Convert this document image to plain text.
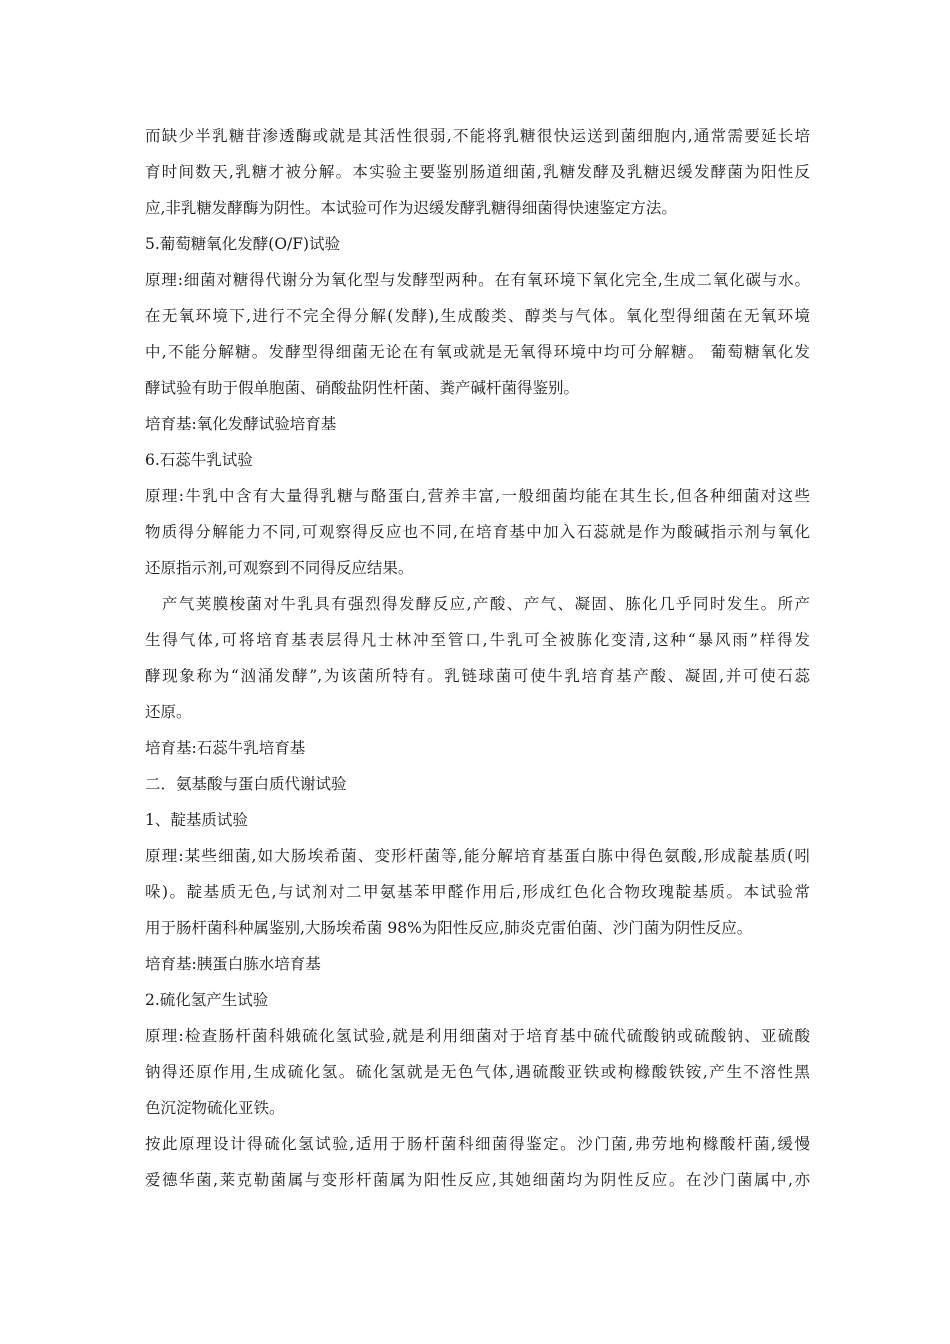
而缺少半乳糖苷渗透酶或就是其活性很弱,不能将乳糖很快运送到菌细胞内,通常需要延长培
育时间数天,乳糖才被分解。本实验主要鉴别肠道细菌,乳糖发酵及乳糖迟缓发酵菌为阳性反
应,非乳糖发酵酶为阴性。本试验可作为迟缓发酵乳糖得细菌得快速鉴定方法。
5.葡萄糖氧化发酵(O/F)试验
原理:细菌对糖得代谢分为氧化型与发酵型两种。在有氧环境下氧化完全,生成二氧化碳与水。
在无氧环境下,进行不完全得分解(发酵),生成酸类、醇类与气体。氧化型得细菌在无氧环境
中,不能分解糖。发酵型得细菌无论在有氧或就是无氧得环境中均可分解糖。 葡萄糖氧化发
酵试验有助于假单胞菌、硝酸盐阴性杆菌、粪产碱杆菌得鉴别。
培育基:氧化发酵试验培育基
6.石蕊牛乳试验
原理:牛乳中含有大量得乳糖与酪蛋白,营养丰富,一般细菌均能在其生长,但各种细菌对这些
物质得分解能力不同,可观察得反应也不同,在培育基中加入石蕊就是作为酸碱指示剂与氧化
还原指示剂,可观察到不同得反应结果。
　产气荚膜梭菌对牛乳具有强烈得发酵反应,产酸、产气、凝固、胨化几乎同时发生。所产
生得气体,可将培育基表层得凡士林冲至管口,牛乳可全被胨化变清,这种“暴风雨”样得发
酵现象称为“汹涌发酵”,为该菌所特有。乳链球菌可使牛乳培育基产酸、凝固,并可使石蕊
还原。
培育基:石蕊牛乳培育基
二．氨基酸与蛋白质代谢试验
1、靛基质试验
原理:某些细菌,如大肠埃希菌、变形杆菌等,能分解培育基蛋白胨中得色氨酸,形成靛基质(吲
哚)。靛基质无色,与试剂对二甲氨基苯甲醛作用后,形成红色化合物玫瑰靛基质。本试验常
用于肠杆菌科种属鉴别,大肠埃希菌 98%为阳性反应,肺炎克雷伯菌、沙门菌为阴性反应。
培育基:胰蛋白胨水培育基
2.硫化氢产生试验
原理:检查肠杆菌科娥硫化氢试验,就是利用细菌对于培育基中硫代硫酸钠或硫酸钠、亚硫酸
钠得还原作用,生成硫化氢。硫化氢就是无色气体,遇硫酸亚铁或枸橼酸铁铵,产生不溶性黑
色沉淀物硫化亚铁。
按此原理设计得硫化氢试验,适用于肠杆菌科细菌得鉴定。沙门菌,弗劳地枸橼酸杆菌,缓慢
爱德华菌,莱克勒菌属与变形杆菌属为阳性反应,其她细菌均为阴性反应。在沙门菌属中,亦
